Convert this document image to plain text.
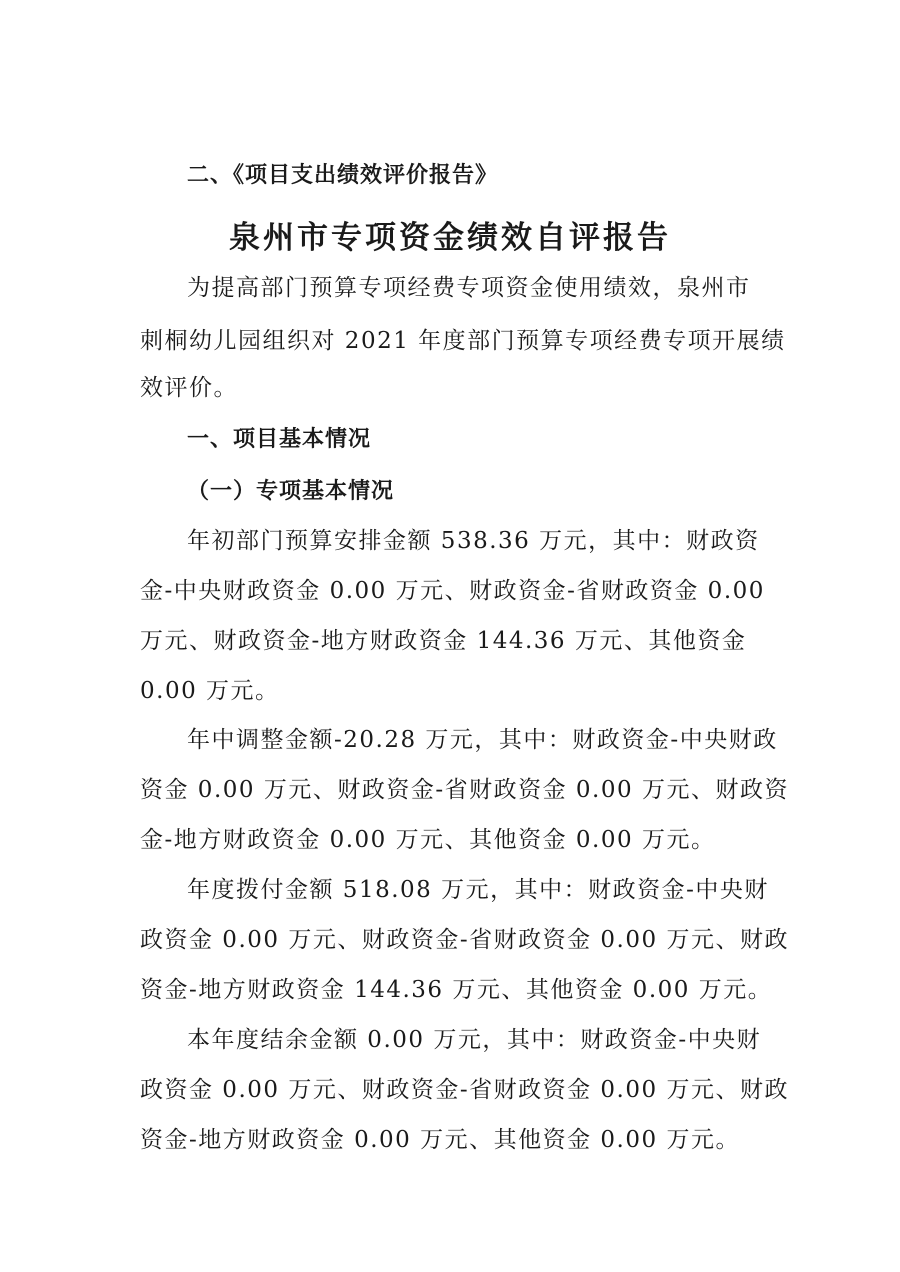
二、《项目支出绩效评价报告》
泉州市专项资金绩效自评报告
为提高部门预算专项经费专项资金使用绩效，泉州市
刺桐幼儿园组织对 2021 年度部门预算专项经费专项开展绩
效评价。
一、项目基本情况
（一）专项基本情况
年初部门预算安排金额 538.36 万元，其中：财政资
金-中央财政资金 0.00 万元、财政资金-省财政资金 0.00
万元、财政资金-地方财政资金 144.36 万元、其他资金
0.00 万元。
年中调整金额-20.28 万元，其中：财政资金-中央财政
资金 0.00 万元、财政资金-省财政资金 0.00 万元、财政资
金-地方财政资金 0.00 万元、其他资金 0.00 万元。
年度拨付金额 518.08 万元，其中：财政资金-中央财
政资金 0.00 万元、财政资金-省财政资金 0.00 万元、财政
资金-地方财政资金 144.36 万元、其他资金 0.00 万元。
本年度结余金额 0.00 万元，其中：财政资金-中央财
政资金 0.00 万元、财政资金-省财政资金 0.00 万元、财政
资金-地方财政资金 0.00 万元、其他资金 0.00 万元。
